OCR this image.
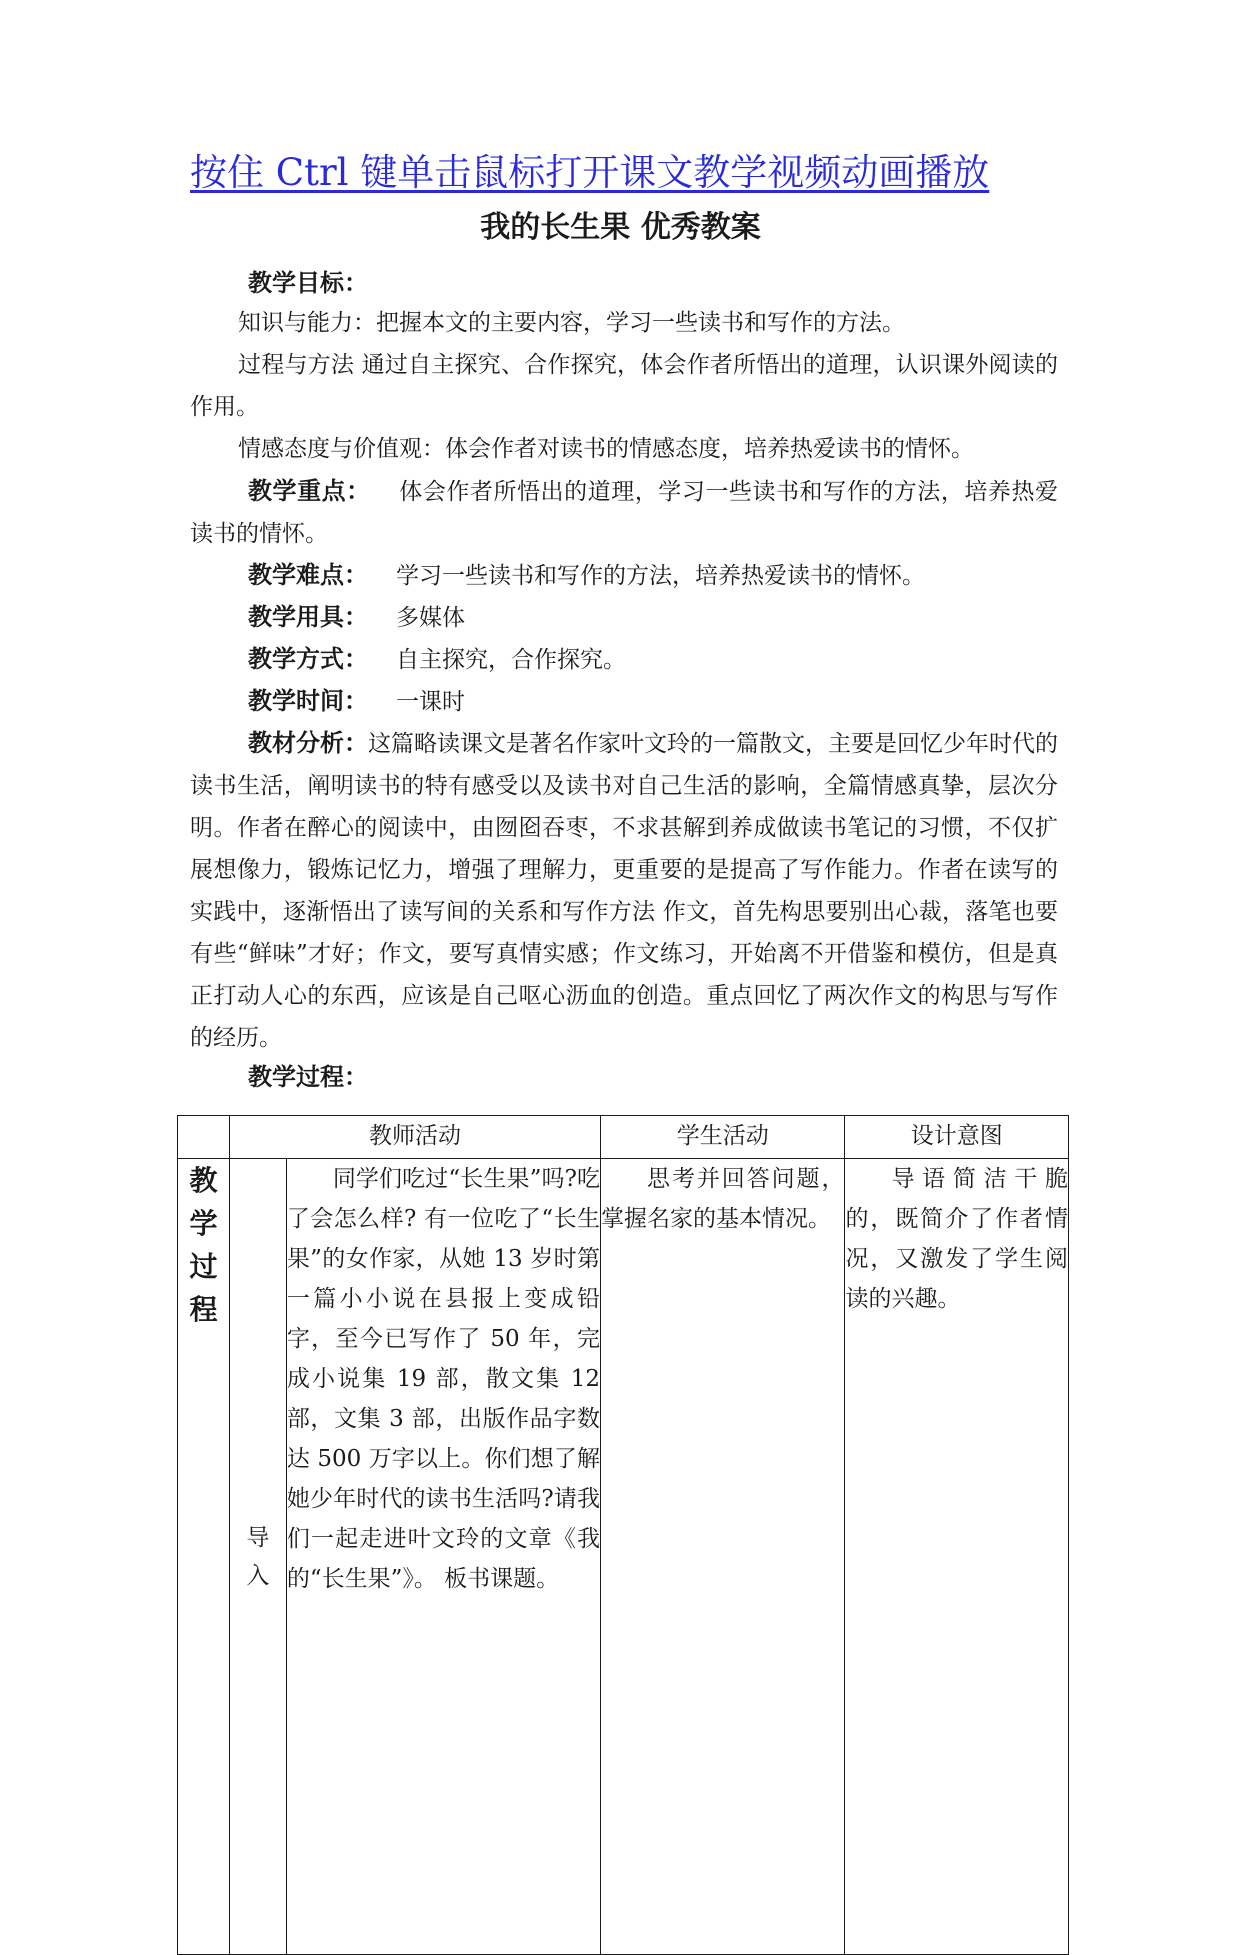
按住 Ctrl 键单击鼠标打开课文教学视频动画播放
我的长生果 优秀教案
教学目标：

知识与能力：把握本文的主要内容，学习一些读书和写作的方法。

过程与方法 通过自主探究、合作探究，体会作者所悟出的道理，认识课外阅读的作用。

情感态度与价值观：体会作者对读书的情感态度，培养热爱读书的情怀。

教学重点： 体会作者所悟出的道理，学习一些读书和写作的方法，培养热爱读书的情怀。

教学难点： 学习一些读书和写作的方法，培养热爱读书的情怀。
教学用具： 多媒体
教学方式： 自主探究，合作探究。
教学时间： 一课时

教材分析：这篇略读课文是著名作家叶文玲的一篇散文，主要是回忆少年时代的读书生活，阐明读书的特有感受以及读书对自己生活的影响，全篇情感真挚，层次分明。作者在醉心的阅读中，由囫囵吞枣，不求甚解到养成做读书笔记的习惯，不仅扩展想像力，锻炼记忆力，增强了理解力，更重要的是提高了写作能力。作者在读写的实践中，逐渐悟出了读写间的关系和写作方法 作文，首先构思要别出心裁，落笔也要有些“鲜味”才好；作文，要写真情实感；作文练习，开始离不开借鉴和模仿，但是真正打动人心的东西，应该是自己呕心沥血的创造。重点回忆了两次作文的构思与写作的经历。

教学过程：
	教师活动		学生活动	设计意图

教
学
过
程	导
入	同学们吃过“长生果”吗?吃了会怎么样? 有一位吃了“长生果”的女作家，从她 13 岁时第一篇小小说在县报上变成铅字，至今已写作了 50 年，完成小说集 19 部，散文集 12 部，文集 3 部，出版作品字数达 500 万字以上。你们想了解她少年时代的读书生活吗?请我们一起走进叶文玲的文章《我的“长生果”》。 板书课题。	思考并回答问题，掌握名家的基本情况。	导语简洁干脆的，既简介了作者情况，又激发了学生阅读的兴趣。
